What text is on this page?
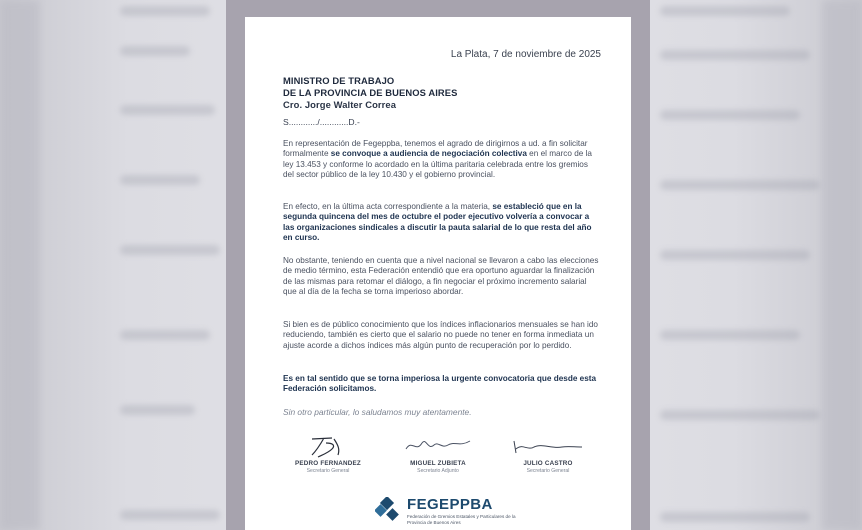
La Plata, 7 de noviembre de 2025
MINISTRO DE TRABAJO
DE LA PROVINCIA DE BUENOS AIRES
Cro. Jorge Walter Correa
S............/............D.-
En representación de Fegeppba, tenemos el agrado de dirigirnos a ud. a fin solicitar formalmente se convoque a audiencia de negociación colectiva en el marco de la ley 13.453 y conforme lo acordado en la última paritaria celebrada entre los gremios del sector público de la ley 10.430 y el gobierno provincial.
En efecto, en la última acta correspondiente a la materia, se estableció que en la segunda quincena del mes de octubre el poder ejecutivo volvería a convocar a las organizaciones sindicales a discutir la pauta salarial de lo que resta del año en curso.
No obstante, teniendo en cuenta que a nivel nacional se llevaron a cabo las elecciones de medio término, esta Federación entendió que era oportuno aguardar la finalización de las mismas para retomar el diálogo, a fin negociar el próximo incremento salarial que al día de la fecha se torna imperioso abordar.
Si bien es de público conocimiento que los índices inflacionarios mensuales se han ido reduciendo, también es cierto que el salario no puede no tener en forma inmediata un ajuste acorde a dichos índices más algún punto de recuperación por lo perdido.
Es en tal sentido que se torna imperiosa la urgente convocatoria que desde esta Federación solicitamos.
Sin otro particular, lo saludamos muy atentamente.
PEDRO FERNANDEZ
Secretario General
MIGUEL ZUBIETA
Secretario Adjunto
JULIO CASTRO
Secretario General
FEGEPPBA
Federación de Gremios Estatales y Particulares de la Provincia de Buenos Aires
